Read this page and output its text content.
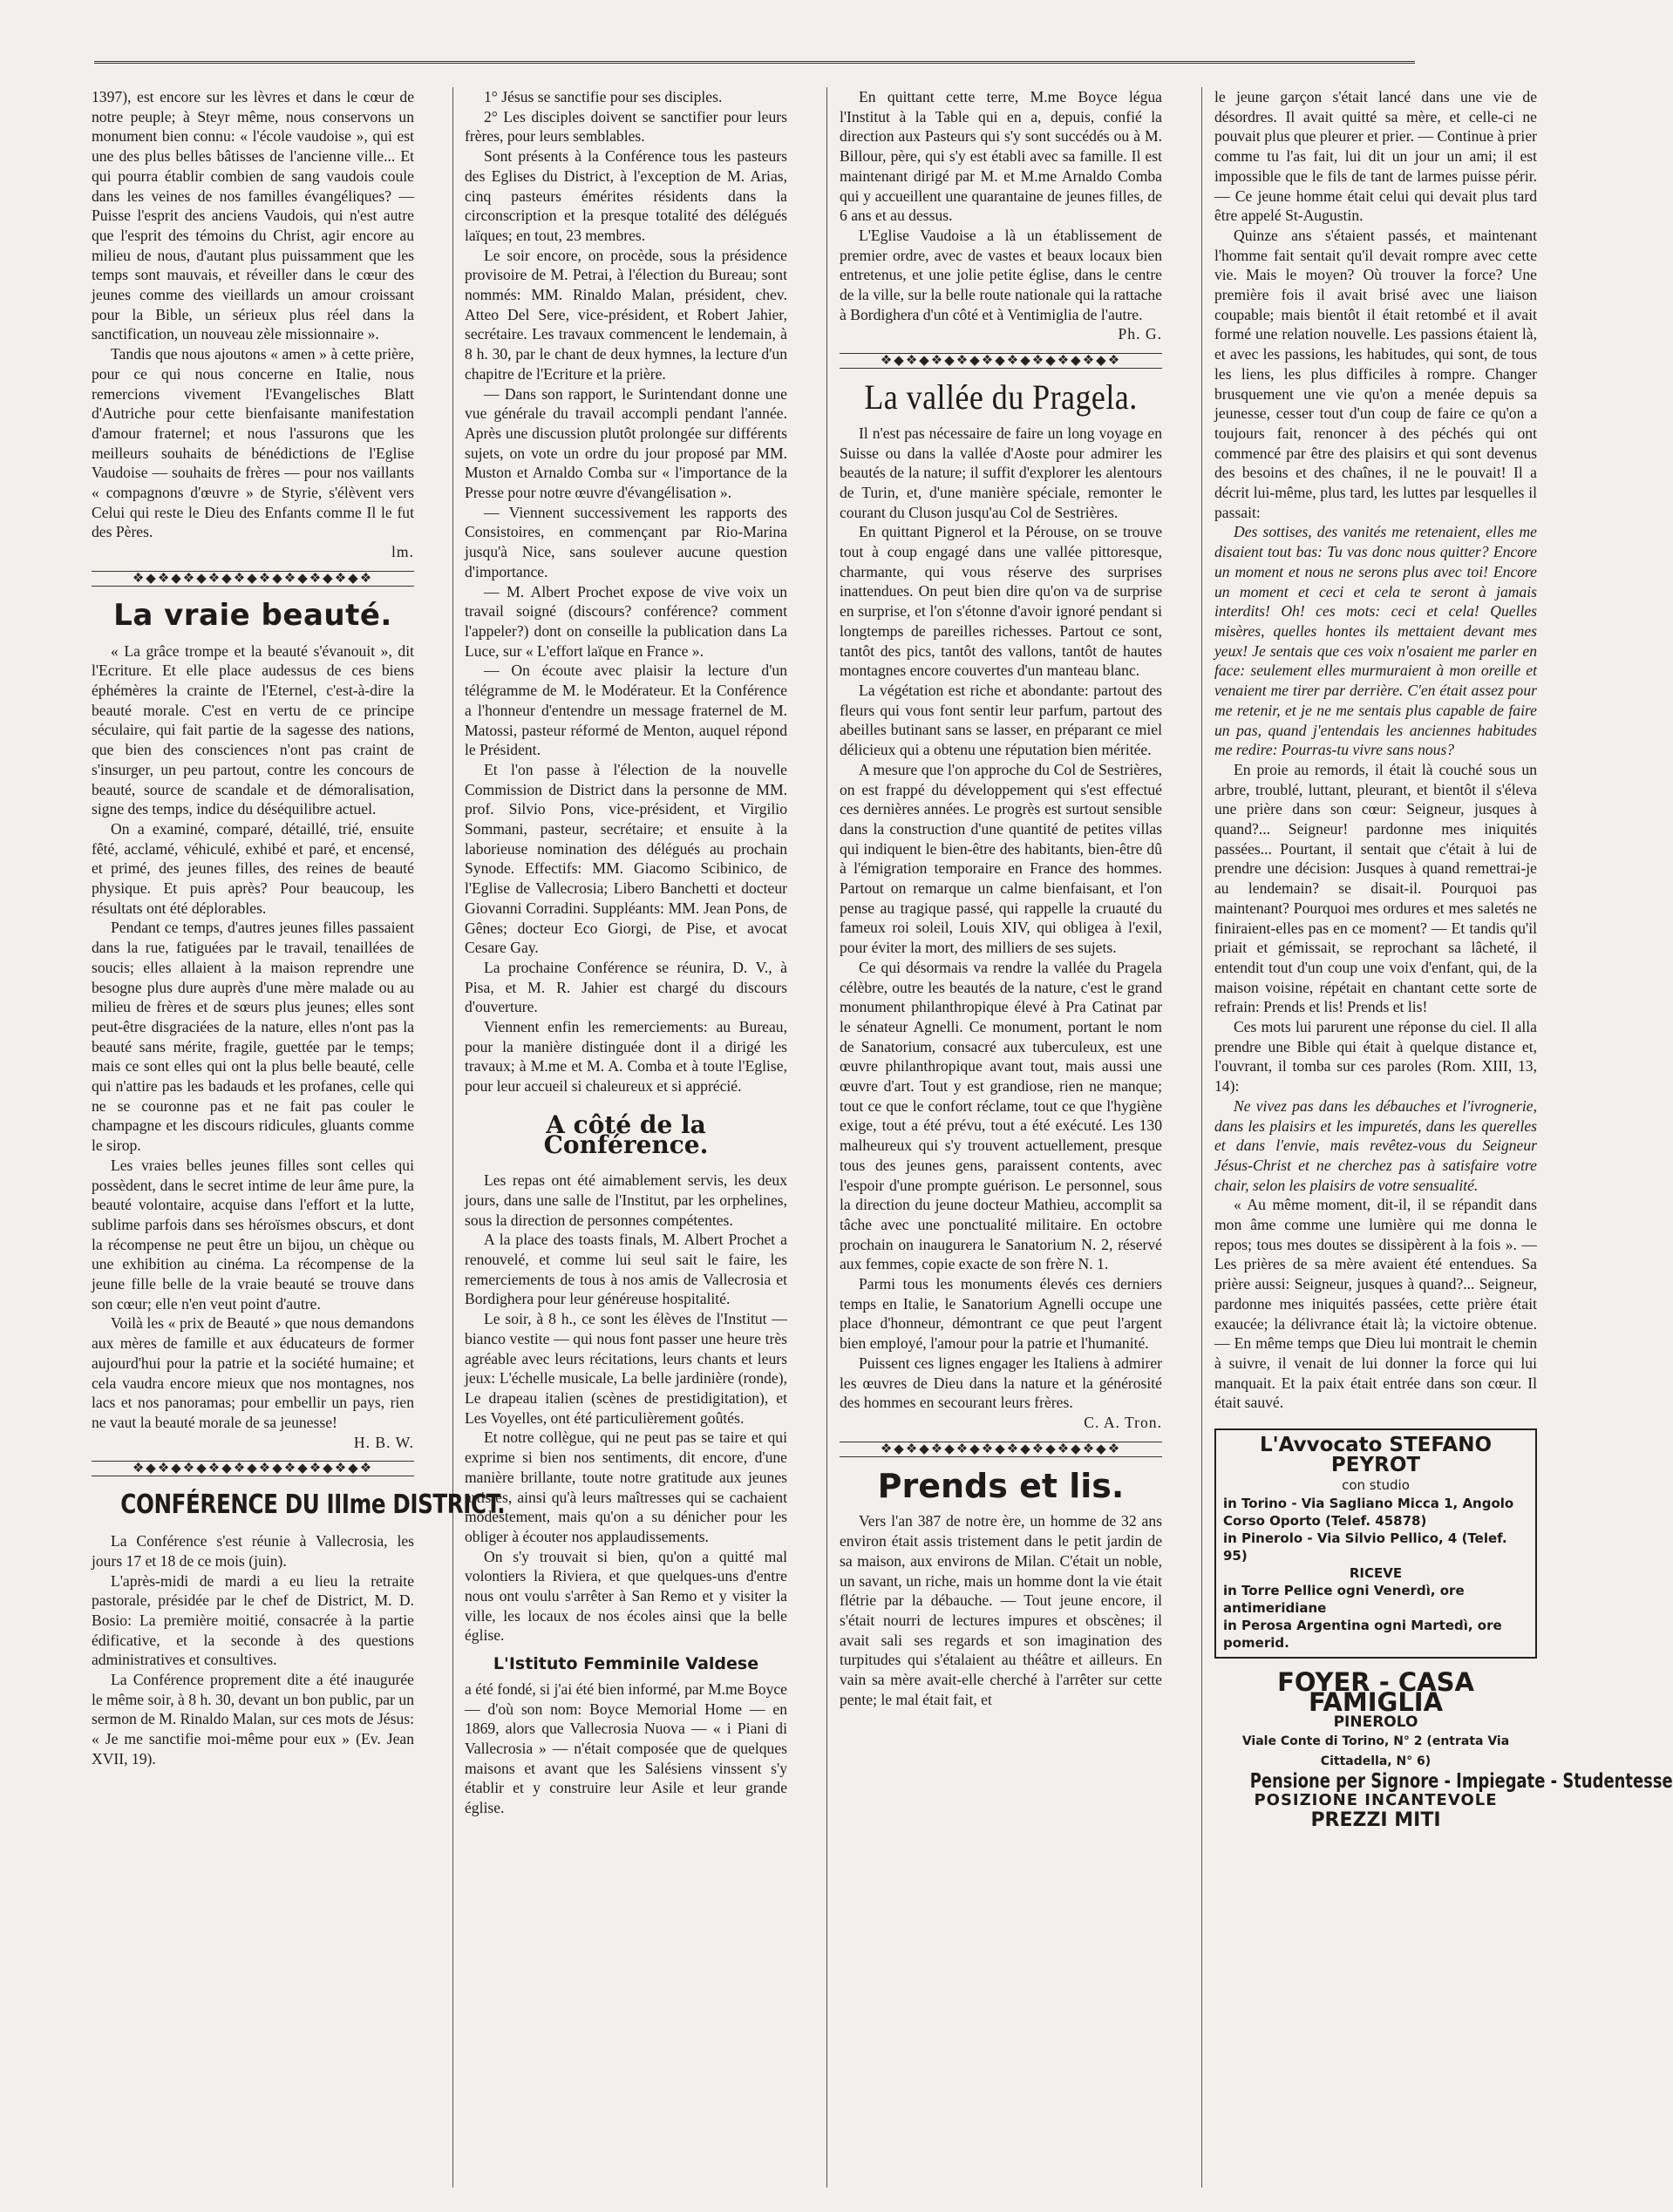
1397), est encore sur les lèvres et dans le cœur de notre peuple; à Steyr même, nous conservons un monument bien connu: « l'école vaudoise », qui est une des plus belles bâtisses de l'ancienne ville... Et qui pourra établir combien de sang vaudois coule dans les veines de nos familles évangéliques? — Puisse l'esprit des anciens Vaudois, qui n'est autre que l'esprit des témoins du Christ, agir encore au milieu de nous, d'autant plus puissamment que les temps sont mauvais, et réveiller dans le cœur des jeunes comme des vieillards un amour croissant pour la Bible, un sérieux plus réel dans la sanctification, un nouveau zèle missionnaire ».

Tandis que nous ajoutons « amen » à cette prière, pour ce qui nous concerne en Italie, nous remercions vivement l'Evangelisches Blatt d'Autriche pour cette bienfaisante manifestation d'amour fraternel; et nous l'assurons que les meilleurs souhaits de bénédictions de l'Eglise Vaudoise — souhaits de frères — pour nos vaillants « compagnons d'œuvre » de Styrie, s'élèvent vers Celui qui reste le Dieu des Enfants comme Il le fut des Pères.

lm.
❖◆❖◆❖◆❖◆❖◆❖◆❖◆❖◆❖◆❖
La vraie beauté.

« La grâce trompe et la beauté s'évanouit », dit l'Ecriture. Et elle place audessus de ces biens éphémères la crainte de l'Eternel, c'est-à-dire la beauté morale. C'est en vertu de ce principe séculaire, qui fait partie de la sagesse des nations, que bien des consciences n'ont pas craint de s'insurger, un peu partout, contre les concours de beauté, source de scandale et de démoralisation, signe des temps, indice du déséquilibre actuel.

On a examiné, comparé, détaillé, trié, ensuite fêté, acclamé, véhiculé, exhibé et paré, et encensé, et primé, des jeunes filles, des reines de beauté physique. Et puis après? Pour beaucoup, les résultats ont été déplorables.

Pendant ce temps, d'autres jeunes filles passaient dans la rue, fatiguées par le travail, tenaillées de soucis; elles allaient à la maison reprendre une besogne plus dure auprès d'une mère malade ou au milieu de frères et de sœurs plus jeunes; elles sont peut-être disgraciées de la nature, elles n'ont pas la beauté sans mérite, fragile, guettée par le temps; mais ce sont elles qui ont la plus belle beauté, celle qui n'attire pas les badauds et les profanes, celle qui ne se couronne pas et ne fait pas couler le champagne et les discours ridicules, gluants comme le sirop.

Les vraies belles jeunes filles sont celles qui possèdent, dans le secret intime de leur âme pure, la beauté volontaire, acquise dans l'effort et la lutte, sublime parfois dans ses héroïsmes obscurs, et dont la récompense ne peut être un bijou, un chèque ou une exhibition au cinéma. La récompense de la jeune fille belle de la vraie beauté se trouve dans son cœur; elle n'en veut point d'autre.

Voilà les « prix de Beauté » que nous demandons aux mères de famille et aux éducateurs de former aujourd'hui pour la patrie et la société humaine; et cela vaudra encore mieux que nos montagnes, nos lacs et nos panoramas; pour embellir un pays, rien ne vaut la beauté morale de sa jeunesse!

H. B. W.
❖◆❖◆❖◆❖◆❖◆❖◆❖◆❖◆❖◆❖
CONFÉRENCE DU IIIme DISTRICT.

La Conférence s'est réunie à Vallecrosia, les jours 17 et 18 de ce mois (juin).

L'après-midi de mardi a eu lieu la retraite pastorale, présidée par le chef de District, M. D. Bosio: La première moitié, consacrée à la partie édificative, et la seconde à des questions administratives et consultives.

La Conférence proprement dite a été inaugurée le même soir, à 8 h. 30, devant un bon public, par un sermon de M. Rinaldo Malan, sur ces mots de Jésus: « Je me sanctifie moi-même pour eux » (Ev. Jean XVII, 19).

1° Jésus se sanctifie pour ses disciples.

2° Les disciples doivent se sanctifier pour leurs frères, pour leurs semblables.

Sont présents à la Conférence tous les pasteurs des Eglises du District, à l'exception de M. Arias, cinq pasteurs émérites résidents dans la circonscription et la presque totalité des délégués laïques; en tout, 23 membres.

Le soir encore, on procède, sous la présidence provisoire de M. Petrai, à l'élection du Bureau; sont nommés: MM. Rinaldo Malan, président, chev. Atteo Del Sere, vice-président, et Robert Jahier, secrétaire. Les travaux commencent le lendemain, à 8 h. 30, par le chant de deux hymnes, la lecture d'un chapitre de l'Ecriture et la prière.

— Dans son rapport, le Surintendant donne une vue générale du travail accompli pendant l'année. Après une discussion plutôt prolongée sur différents sujets, on vote un ordre du jour proposé par MM. Muston et Arnaldo Comba sur « l'importance de la Presse pour notre œuvre d'évangélisation ».

— Viennent successivement les rapports des Consistoires, en commençant par Rio-Marina jusqu'à Nice, sans soulever aucune question d'importance.

— M. Albert Prochet expose de vive voix un travail soigné (discours? conférence? comment l'appeler?) dont on conseille la publication dans La Luce, sur « L'effort laïque en France ».

— On écoute avec plaisir la lecture d'un télégramme de M. le Modérateur. Et la Conférence a l'honneur d'entendre un message fraternel de M. Matossi, pasteur réformé de Menton, auquel répond le Président.

Et l'on passe à l'élection de la nouvelle Commission de District dans la personne de MM. prof. Silvio Pons, vice-président, et Virgilio Sommani, pasteur, secrétaire; et ensuite à la laborieuse nomination des délégués au prochain Synode. Effectifs: MM. Giacomo Scibinico, de l'Eglise de Vallecrosia; Libero Banchetti et docteur Giovanni Corradini. Suppléants: MM. Jean Pons, de Gênes; docteur Eco Giorgi, de Pise, et avocat Cesare Gay.

La prochaine Conférence se réunira, D. V., à Pisa, et M. R. Jahier est chargé du discours d'ouverture.

Viennent enfin les remerciements: au Bureau, pour la manière distinguée dont il a dirigé les travaux; à M.me et M. A. Comba et à toute l'Eglise, pour leur accueil si chaleureux et si apprécié.

A côté de la Conférence.

Les repas ont été aimablement servis, les deux jours, dans une salle de l'Institut, par les orphelines, sous la direction de personnes compétentes.

A la place des toasts finals, M. Albert Prochet a renouvelé, et comme lui seul sait le faire, les remerciements de tous à nos amis de Vallecrosia et Bordighera pour leur généreuse hospitalité.

Le soir, à 8 h., ce sont les élèves de l'Institut — bianco vestite — qui nous font passer une heure très agréable avec leurs récitations, leurs chants et leurs jeux: L'échelle musicale, La belle jardinière (ronde), Le drapeau italien (scènes de prestidigitation), et Les Voyelles, ont été particulièrement goûtés.

Et notre collègue, qui ne peut pas se taire et qui exprime si bien nos sentiments, dit encore, d'une manière brillante, toute notre gratitude aux jeunes artistes, ainsi qu'à leurs maîtresses qui se cachaient modestement, mais qu'on a su dénicher pour les obliger à écouter nos applaudissements.

On s'y trouvait si bien, qu'on a quitté mal volontiers la Riviera, et que quelques-uns d'entre nous ont voulu s'arrêter à San Remo et y visiter la ville, les locaux de nos écoles ainsi que la belle église.

L'Istituto Femminile Valdese

a été fondé, si j'ai été bien informé, par M.me Boyce — d'où son nom: Boyce Memorial Home — en 1869, alors que Vallecrosia Nuova — « i Piani di Vallecrosia » — n'était composée que de quelques maisons et avant que les Salésiens vinssent s'y établir et y construire leur Asile et leur grande église.

En quittant cette terre, M.me Boyce légua l'Institut à la Table qui en a, depuis, confié la direction aux Pasteurs qui s'y sont succédés ou à M. Billour, père, qui s'y est établi avec sa famille. Il est maintenant dirigé par M. et M.me Arnaldo Comba qui y accueillent une quarantaine de jeunes filles, de 6 ans et au dessus.

L'Eglise Vaudoise a là un établissement de premier ordre, avec de vastes et beaux locaux bien entretenus, et une jolie petite église, dans le centre de la ville, sur la belle route nationale qui la rattache à Bordighera d'un côté et à Ventimiglia de l'autre.

Ph. G.
❖◆❖◆❖◆❖◆❖◆❖◆❖◆❖◆❖◆❖
La vallée du Pragela.

Il n'est pas nécessaire de faire un long voyage en Suisse ou dans la vallée d'Aoste pour admirer les beautés de la nature; il suffit d'explorer les alentours de Turin, et, d'une manière spéciale, remonter le courant du Cluson jusqu'au Col de Sestrières.

En quittant Pignerol et la Pérouse, on se trouve tout à coup engagé dans une vallée pittoresque, charmante, qui vous réserve des surprises inattendues. On peut bien dire qu'on va de surprise en surprise, et l'on s'étonne d'avoir ignoré pendant si longtemps de pareilles richesses. Partout ce sont, tantôt des pics, tantôt des vallons, tantôt de hautes montagnes encore couvertes d'un manteau blanc.

La végétation est riche et abondante: partout des fleurs qui vous font sentir leur parfum, partout des abeilles butinant sans se lasser, en préparant ce miel délicieux qui a obtenu une réputation bien méritée.

A mesure que l'on approche du Col de Sestrières, on est frappé du développement qui s'est effectué ces dernières années. Le progrès est surtout sensible dans la construction d'une quantité de petites villas qui indiquent le bien-être des habitants, bien-être dû à l'émigration temporaire en France des hommes. Partout on remarque un calme bienfaisant, et l'on pense au tragique passé, qui rappelle la cruauté du fameux roi soleil, Louis XIV, qui obligea à l'exil, pour éviter la mort, des milliers de ses sujets.

Ce qui désormais va rendre la vallée du Pragela célèbre, outre les beautés de la nature, c'est le grand monument philanthropique élevé à Pra Catinat par le sénateur Agnelli. Ce monument, portant le nom de Sanatorium, consacré aux tuberculeux, est une œuvre philanthropique avant tout, mais aussi une œuvre d'art. Tout y est grandiose, rien ne manque; tout ce que le confort réclame, tout ce que l'hygiène exige, tout a été prévu, tout a été exécuté. Les 130 malheureux qui s'y trouvent actuellement, presque tous des jeunes gens, paraissent contents, avec l'espoir d'une prompte guérison. Le personnel, sous la direction du jeune docteur Mathieu, accomplit sa tâche avec une ponctualité militaire. En octobre prochain on inaugurera le Sanatorium N. 2, réservé aux femmes, copie exacte de son frère N. 1.

Parmi tous les monuments élevés ces derniers temps en Italie, le Sanatorium Agnelli occupe une place d'honneur, démontrant ce que peut l'argent bien employé, l'amour pour la patrie et l'humanité.

Puissent ces lignes engager les Italiens à admirer les œuvres de Dieu dans la nature et la générosité des hommes en secourant leurs frères.

C. A. Tron.
❖◆❖◆❖◆❖◆❖◆❖◆❖◆❖◆❖◆❖
Prends et lis.

Vers l'an 387 de notre ère, un homme de 32 ans environ était assis tristement dans le petit jardin de sa maison, aux environs de Milan. C'était un noble, un savant, un riche, mais un homme dont la vie était flétrie par la débauche. — Tout jeune encore, il s'était nourri de lectures impures et obscènes; il avait sali ses regards et son imagination des turpitudes qui s'étalaient au théâtre et ailleurs. En vain sa mère avait-elle cherché à l'arrêter sur cette pente; le mal était fait, et

le jeune garçon s'était lancé dans une vie de désordres. Il avait quitté sa mère, et celle-ci ne pouvait plus que pleurer et prier. — Continue à prier comme tu l'as fait, lui dit un jour un ami; il est impossible que le fils de tant de larmes puisse périr. — Ce jeune homme était celui qui devait plus tard être appelé St-Augustin.

Quinze ans s'étaient passés, et maintenant l'homme fait sentait qu'il devait rompre avec cette vie. Mais le moyen? Où trouver la force? Une première fois il avait brisé avec une liaison coupable; mais bientôt il était retombé et il avait formé une relation nouvelle. Les passions étaient là, et avec les passions, les habitudes, qui sont, de tous les liens, les plus difficiles à rompre. Changer brusquement une vie qu'on a menée depuis sa jeunesse, cesser tout d'un coup de faire ce qu'on a toujours fait, renoncer à des péchés qui ont commencé par être des plaisirs et qui sont devenus des besoins et des chaînes, il ne le pouvait! Il a décrit lui-même, plus tard, les luttes par lesquelles il passait:

Des sottises, des vanités me retenaient, elles me disaient tout bas: Tu vas donc nous quitter? Encore un moment et nous ne serons plus avec toi! Encore un moment et ceci et cela te seront à jamais interdits! Oh! ces mots: ceci et cela! Quelles misères, quelles hontes ils mettaient devant mes yeux! Je sentais que ces voix n'osaient me parler en face: seulement elles murmuraient à mon oreille et venaient me tirer par derrière. C'en était assez pour me retenir, et je ne me sentais plus capable de faire un pas, quand j'entendais les anciennes habitudes me redire: Pourras-tu vivre sans nous?

En proie au remords, il était là couché sous un arbre, troublé, luttant, pleurant, et bientôt il s'éleva une prière dans son cœur: Seigneur, jusques à quand?... Seigneur! pardonne mes iniquités passées... Pourtant, il sentait que c'était à lui de prendre une décision: Jusques à quand remettrai-je au lendemain? se disait-il. Pourquoi pas maintenant? Pourquoi mes ordures et mes saletés ne finiraient-elles pas en ce moment? — Et tandis qu'il priait et gémissait, se reprochant sa lâcheté, il entendit tout d'un coup une voix d'enfant, qui, de la maison voisine, répétait en chantant cette sorte de refrain: Prends et lis! Prends et lis!

Ces mots lui parurent une réponse du ciel. Il alla prendre une Bible qui était à quelque distance et, l'ouvrant, il tomba sur ces paroles (Rom. XIII, 13, 14):

Ne vivez pas dans les débauches et l'ivrognerie, dans les plaisirs et les impuretés, dans les querelles et dans l'envie, mais revêtez-vous du Seigneur Jésus-Christ et ne cherchez pas à satisfaire votre chair, selon les plaisirs de votre sensualité.

« Au même moment, dit-il, il se répandit dans mon âme comme une lumière qui me donna le repos; tous mes doutes se dissipèrent à la fois ». — Les prières de sa mère avaient été entendues. Sa prière aussi: Seigneur, jusques à quand?... Seigneur, pardonne mes iniquités passées, cette prière était exaucée; la délivrance était là; la victoire obtenue. — En même temps que Dieu lui montrait le chemin à suivre, il venait de lui donner la force qui lui manquait. Et la paix était entrée dans son cœur. Il était sauvé.

L'Avvocato STEFANO PEYROT
con studio
in Torino - Via Sagliano Micca 1, Angolo Corso Oporto (Telef. 45878)
in Pinerolo - Via Silvio Pellico, 4 (Telef. 95)
RICEVE
in Torre Pellice ogni Venerdì, ore antimeridiane
in Perosa Argentina ogni Martedì, ore pomerid.
FOYER - CASA FAMIGLIA
PINEROLO
Viale Conte di Torino, N° 2 (entrata Via Cittadella, N° 6)
Pensione per Signore - Impiegate - Studentesse
POSIZIONE INCANTEVOLE
PREZZI MITI
